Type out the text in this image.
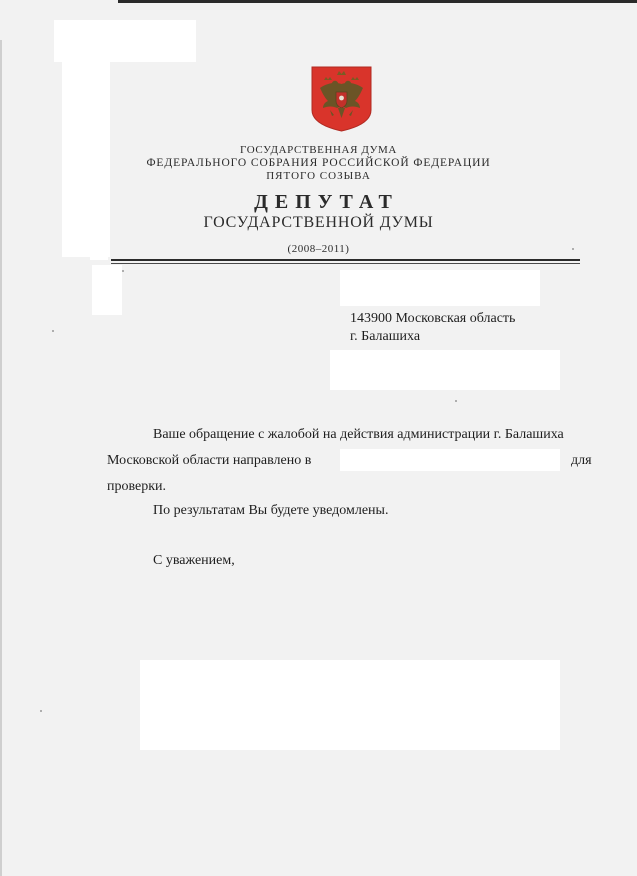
ГОСУДАРСТВЕННАЯ ДУМА
ФЕДЕРАЛЬНОГО СОБРАНИЯ РОССИЙСКОЙ ФЕДЕРАЦИИ
ПЯТОГО СОЗЫВА
ДЕПУТАТ
ГОСУДАРСТВЕННОЙ ДУМЫ
(2008–2011)
143900 Московская область
г. Балашиха
Ваше обращение с жалобой на действия администрации г. Балашиха
Московской области направлено в	для
проверки.
По результатам Вы будете уведомлены.
С уважением,
